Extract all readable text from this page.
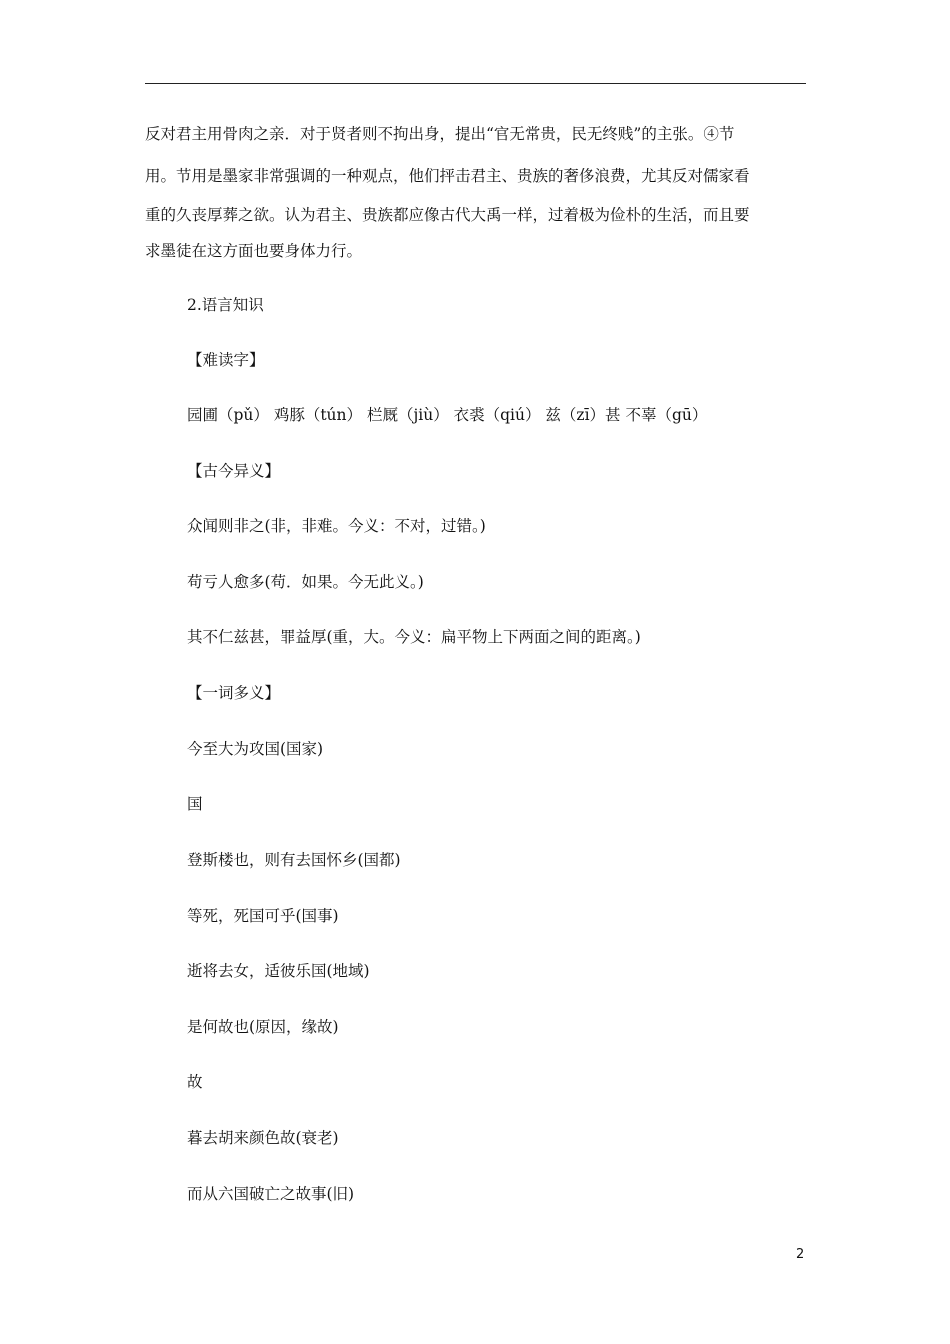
反对君主用骨肉之亲．对于贤者则不拘出身，提出“官无常贵，民无终贱”的主张。④节
用。节用是墨家非常强调的一种观点，他们抨击君主、贵族的奢侈浪费，尤其反对儒家看
重的久丧厚葬之欲。认为君主、贵族都应像古代大禹一样，过着极为俭朴的生活，而且要
求墨徒在这方面也要身体力行。
2.语言知识
【难读字】
园圃（pǔ） 鸡豚（tún） 栏厩（jiù） 衣裘（qiú） 兹（zī）甚 不辜（gū）
【古今异义】
众闻则非之(非，非难。今义：不对，过错。)
苟亏人愈多(苟．如果。今无此义。)
其不仁兹甚，罪益厚(重，大。今义：扁平物上下两面之间的距离。)
【一词多义】
今至大为攻国(国家)
国
登斯楼也，则有去国怀乡(国都)
等死，死国可乎(国事)
逝将去女，适彼乐国(地域)
是何故也(原因，缘故)
故
暮去胡来颜色故(衰老)
而从六国破亡之故事(旧)
2
